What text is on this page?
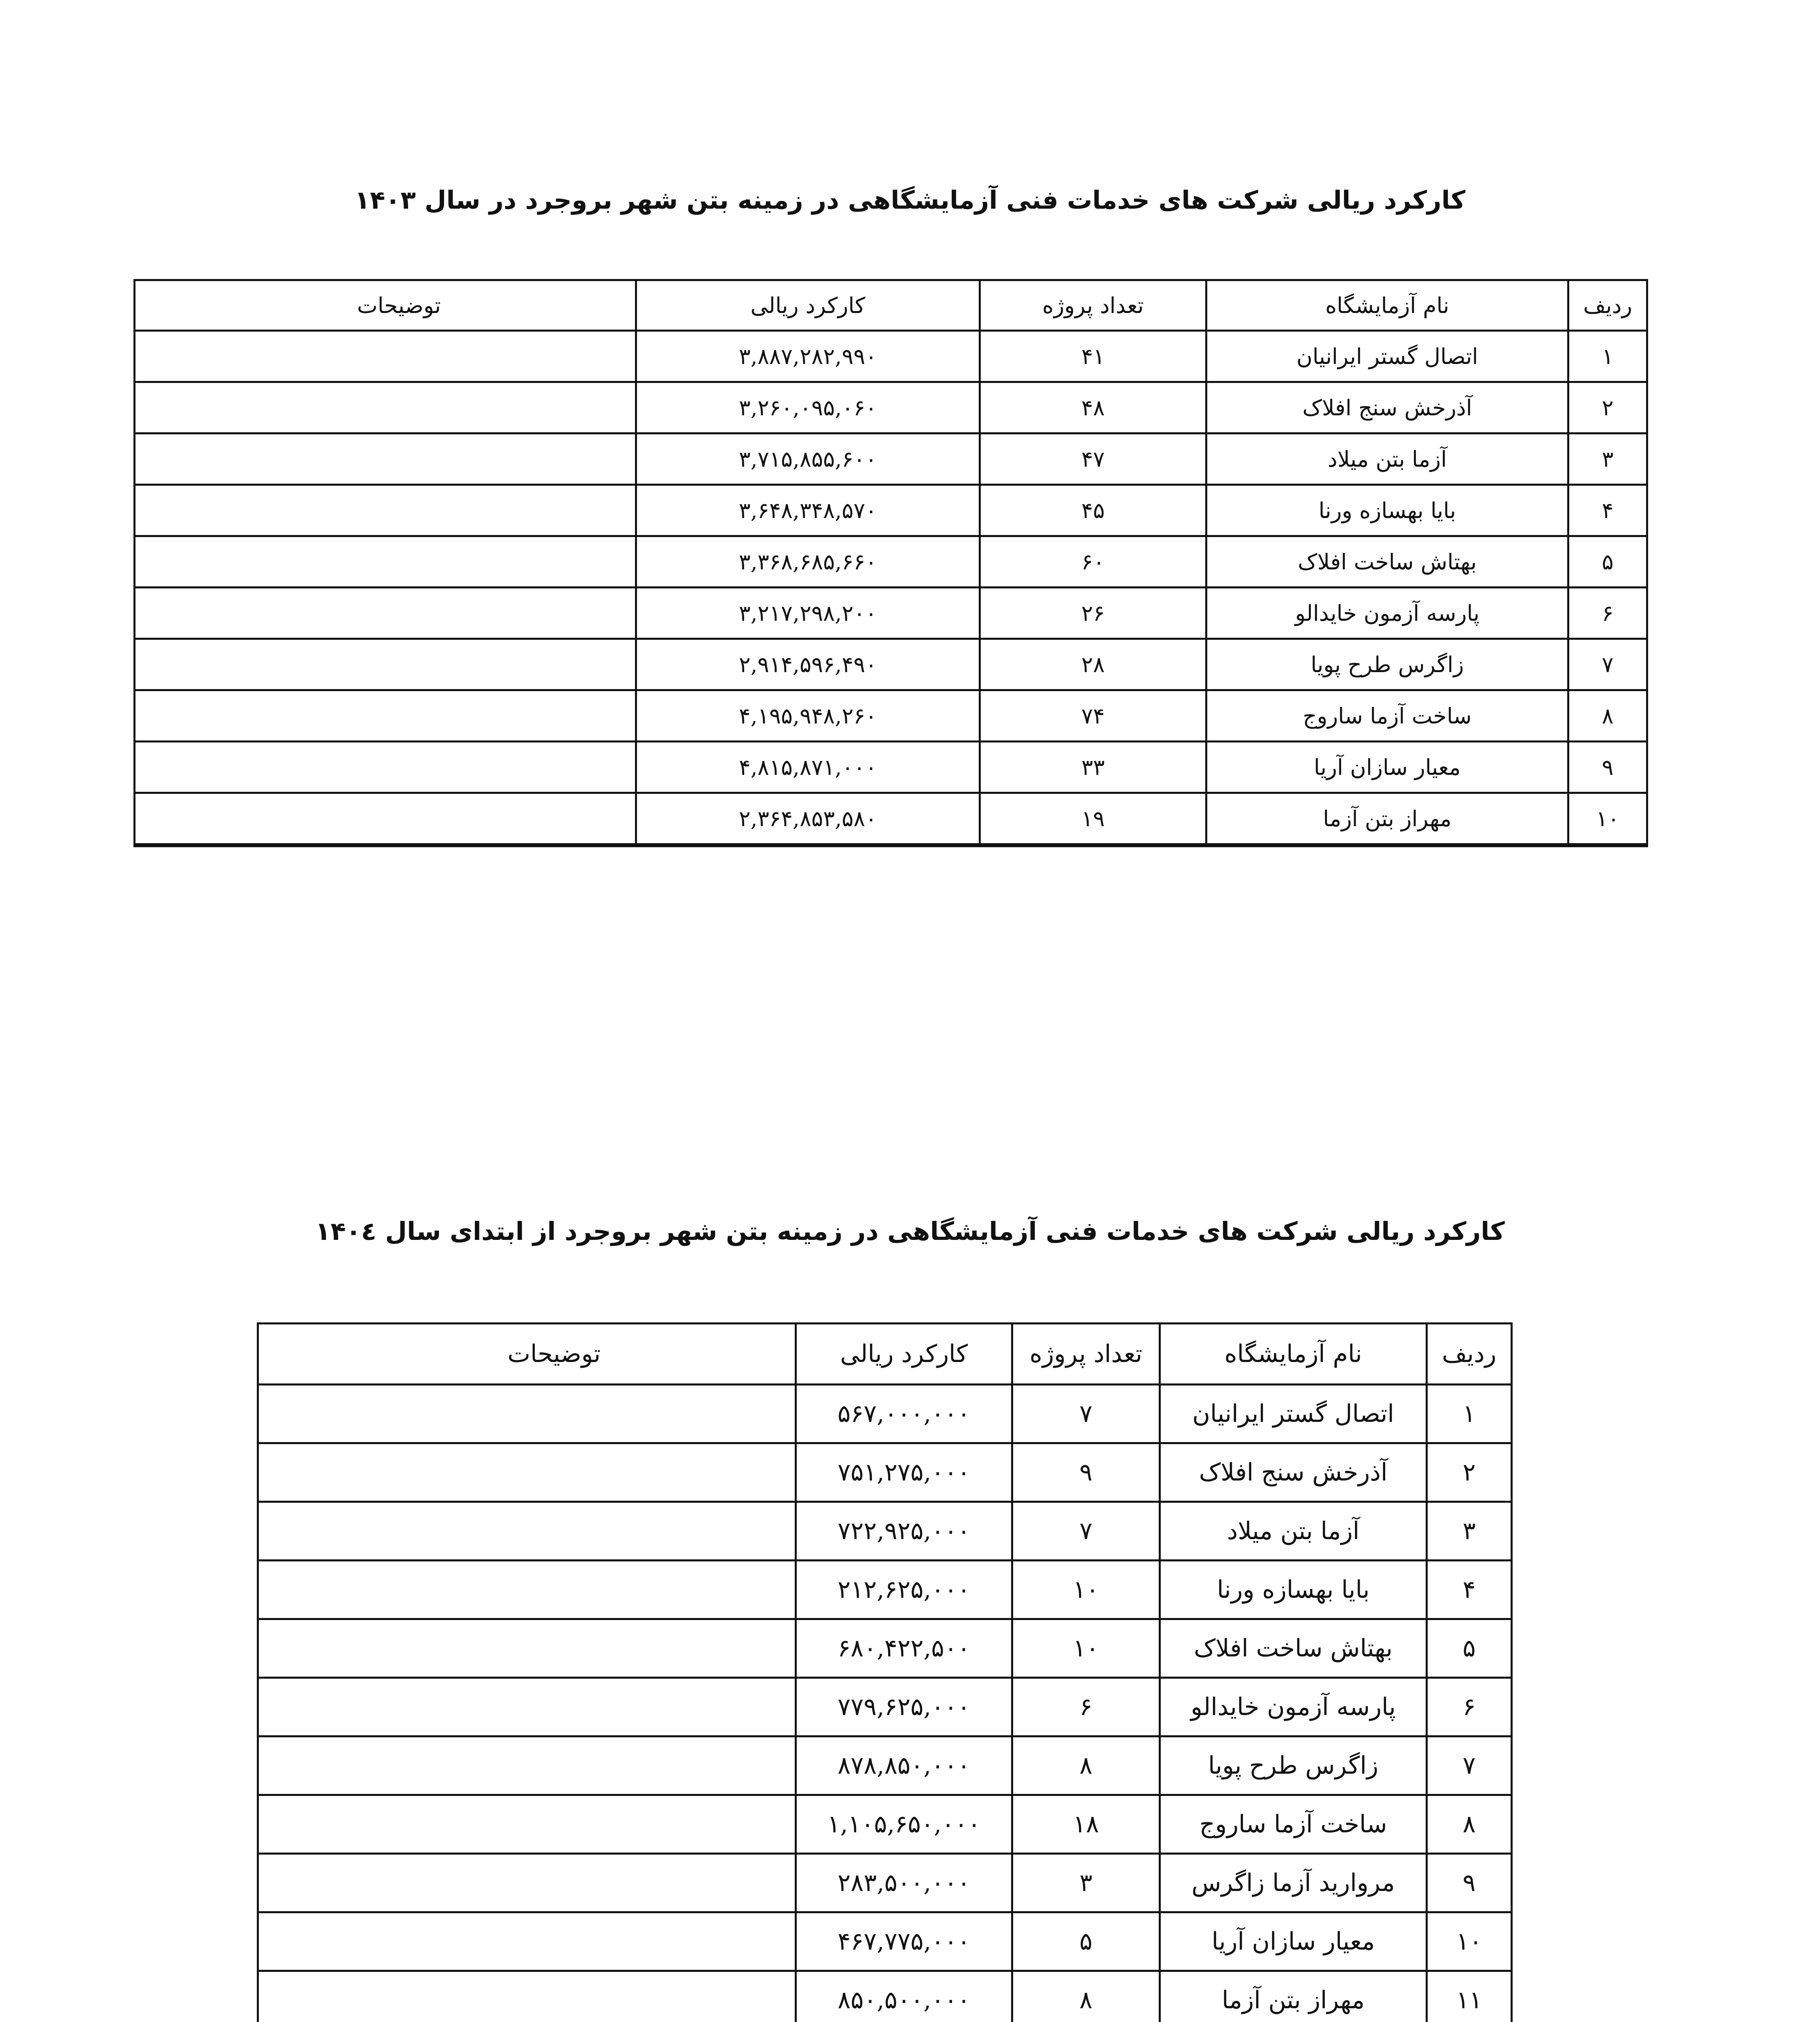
کارکرد ریالی شرکت های خدمات فنی آزمایشگاهی در زمینه بتن شهر بروجرد در سال ۱۴۰۳
ردیف	نام آزمایشگاه	تعداد پروژه	کارکرد ریالی	توضیحات
۱	اتصال گستر ایرانیان	۴۱	۳,۸۸۷,۲۸۲,۹۹۰	
۲	آذرخش سنج افلاک	۴۸	۳,۲۶۰,۰۹۵,۰۶۰	
۳	آزما بتن میلاد	۴۷	۳,۷۱۵,۸۵۵,۶۰۰	
۴	بایا بهسازه ورنا	۴۵	۳,۶۴۸,۳۴۸,۵۷۰	
۵	بهتاش ساخت افلاک	۶۰	۳,۳۶۸,۶۸۵,۶۶۰	
۶	پارسه آزمون خایدالو	۲۶	۳,۲۱۷,۲۹۸,۲۰۰	
۷	زاگرس طرح پویا	۲۸	۲,۹۱۴,۵۹۶,۴۹۰	
۸	ساخت آزما ساروج	۷۴	۴,۱۹۵,۹۴۸,۲۶۰	
۹	معیار سازان آریا	۳۳	۴,۸۱۵,۸۷۱,۰۰۰	
۱۰	مهراز بتن آزما	۱۹	۲,۳۶۴,۸۵۳,۵۸۰	
کارکرد ریالی شرکت های خدمات فنی آزمایشگاهی در زمینه بتن شهر بروجرد از ابتدای سال ۱۴۰٤
ردیف	نام آزمایشگاه	تعداد پروژه	کارکرد ریالی	توضیحات
۱	اتصال گستر ایرانیان	۷	۵۶۷,۰۰۰,۰۰۰	
۲	آذرخش سنج افلاک	۹	۷۵۱,۲۷۵,۰۰۰	
۳	آزما بتن میلاد	۷	۷۲۲,۹۲۵,۰۰۰	
۴	بایا بهسازه ورنا	۱۰	۲۱۲,۶۲۵,۰۰۰	
۵	بهتاش ساخت افلاک	۱۰	۶۸۰,۴۲۲,۵۰۰	
۶	پارسه آزمون خایدالو	۶	۷۷۹,۶۲۵,۰۰۰	
۷	زاگرس طرح پویا	۸	۸۷۸,۸۵۰,۰۰۰	
۸	ساخت آزما ساروج	۱۸	۱,۱۰۵,۶۵۰,۰۰۰	
۹	مروارید آزما زاگرس	۳	۲۸۳,۵۰۰,۰۰۰	
۱۰	معیار سازان آریا	۵	۴۶۷,۷۷۵,۰۰۰	
۱۱	مهراز بتن آزما	۸	۸۵۰,۵۰۰,۰۰۰	
